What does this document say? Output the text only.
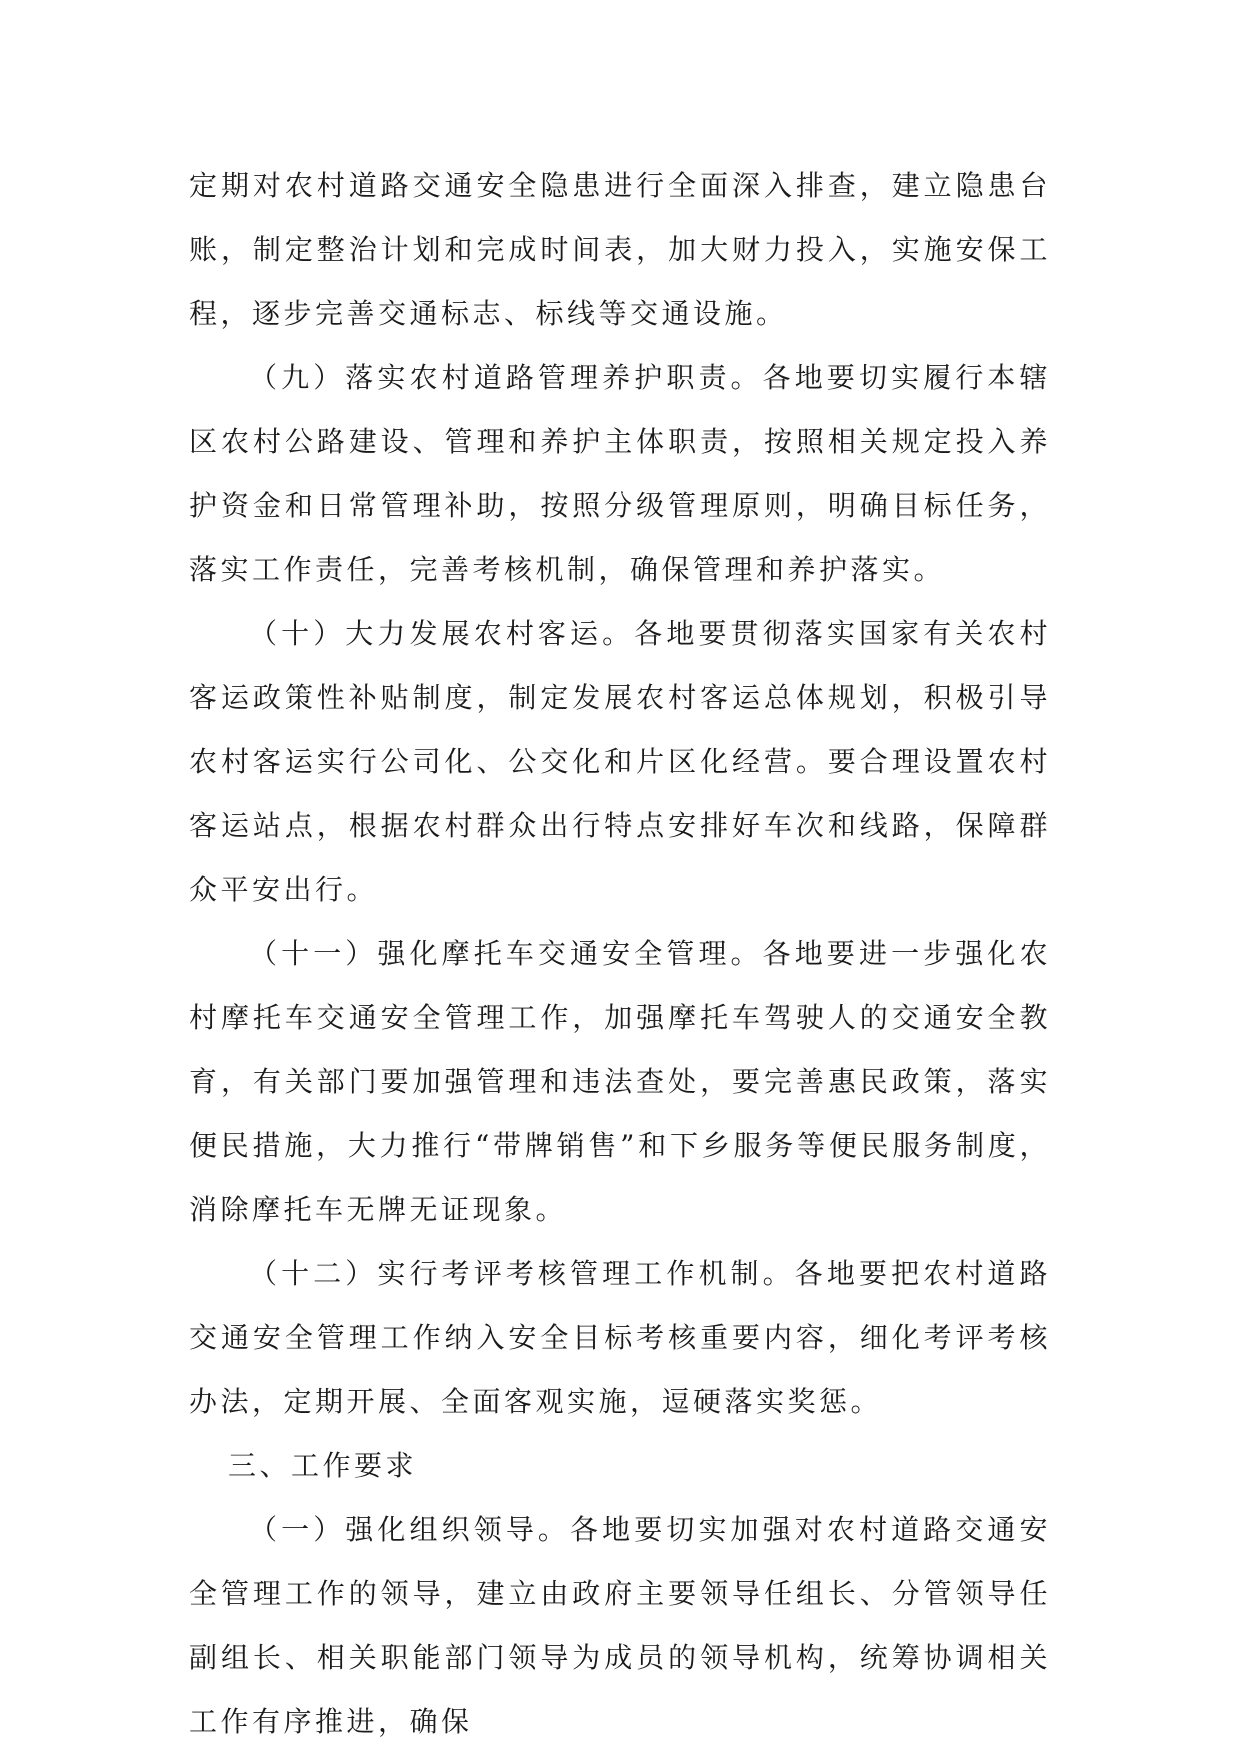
定期对农村道路交通安全隐患进行全面深入排查，建立隐患台账，制定整治计划和完成时间表，加大财力投入，实施安保工程，逐步完善交通标志、标线等交通设施。

（九）落实农村道路管理养护职责。各地要切实履行本辖区农村公路建设、管理和养护主体职责，按照相关规定投入养护资金和日常管理补助，按照分级管理原则，明确目标任务，落实工作责任，完善考核机制，确保管理和养护落实。

（十）大力发展农村客运。各地要贯彻落实国家有关农村客运政策性补贴制度，制定发展农村客运总体规划，积极引导农村客运实行公司化、公交化和片区化经营。要合理设置农村客运站点，根据农村群众出行特点安排好车次和线路，保障群众平安出行。

（十一）强化摩托车交通安全管理。各地要进一步强化农村摩托车交通安全管理工作，加强摩托车驾驶人的交通安全教育，有关部门要加强管理和违法查处，要完善惠民政策，落实便民措施，大力推行“带牌销售”和下乡服务等便民服务制度，消除摩托车无牌无证现象。

（十二）实行考评考核管理工作机制。各地要把农村道路交通安全管理工作纳入安全目标考核重要内容，细化考评考核办法，定期开展、全面客观实施，逗硬落实奖惩。

三、工作要求

（一）强化组织领导。各地要切实加强对农村道路交通安全管理工作的领导，建立由政府主要领导任组长、分管领导任副组长、相关职能部门领导为成员的领导机构，统筹协调相关工作有序推进，确保
